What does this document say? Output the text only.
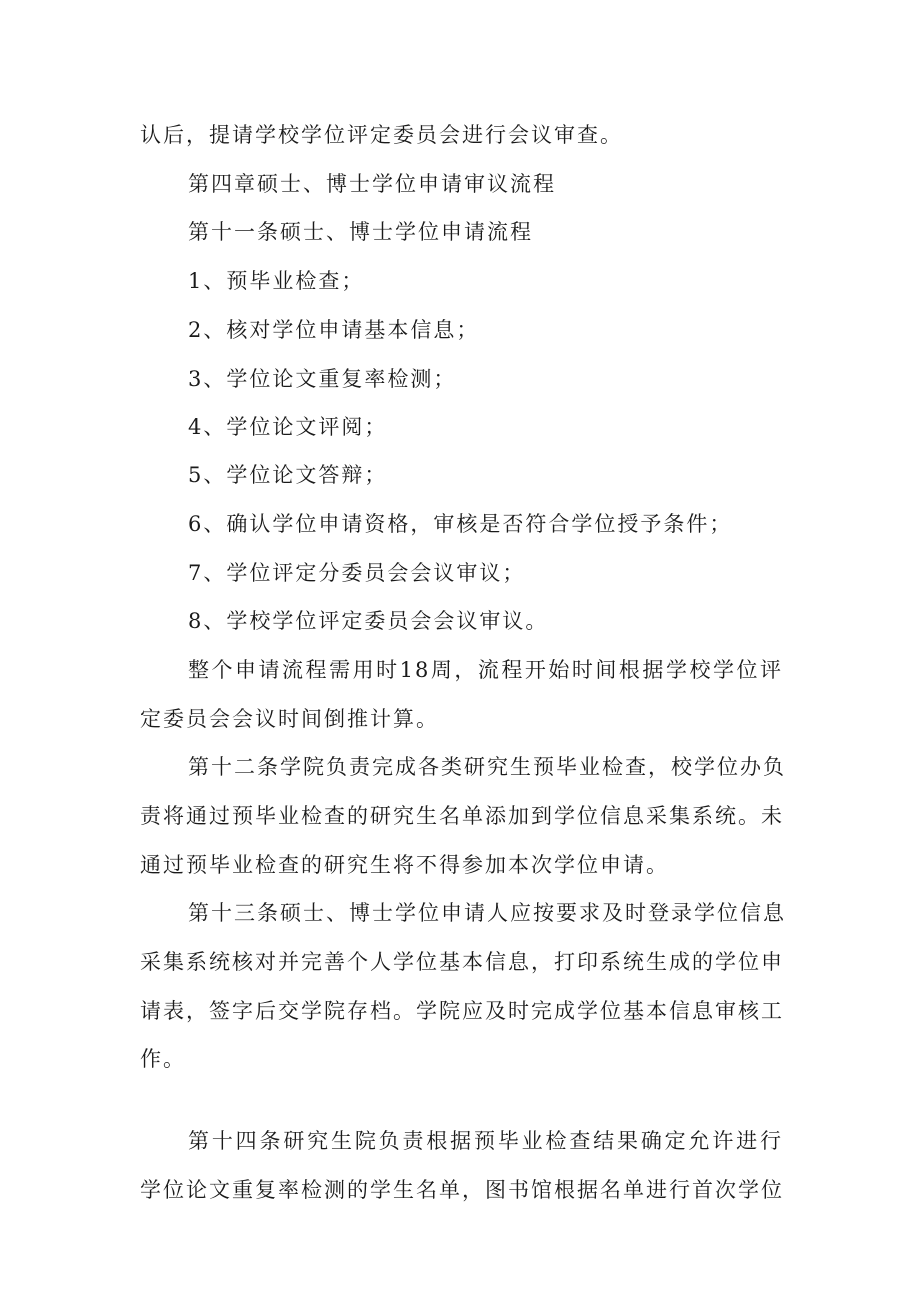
认后，提请学校学位评定委员会进行会议审查。
第四章硕士、博士学位申请审议流程
第十一条硕士、博士学位申请流程
1、预毕业检查；
2、核对学位申请基本信息；
3、学位论文重复率检测；
4、学位论文评阅；
5、学位论文答辩；
6、确认学位申请资格，审核是否符合学位授予条件；
7、学位评定分委员会会议审议；
8、学校学位评定委员会会议审议。
整个申请流程需用时18周，流程开始时间根据学校学位评
定委员会会议时间倒推计算。
第十二条学院负责完成各类研究生预毕业检查，校学位办负
责将通过预毕业检查的研究生名单添加到学位信息采集系统。未
通过预毕业检查的研究生将不得参加本次学位申请。
第十三条硕士、博士学位申请人应按要求及时登录学位信息
采集系统核对并完善个人学位基本信息，打印系统生成的学位申
请表，签字后交学院存档。学院应及时完成学位基本信息审核工
作。
第十四条研究生院负责根据预毕业检查结果确定允许进行
学位论文重复率检测的学生名单，图书馆根据名单进行首次学位
